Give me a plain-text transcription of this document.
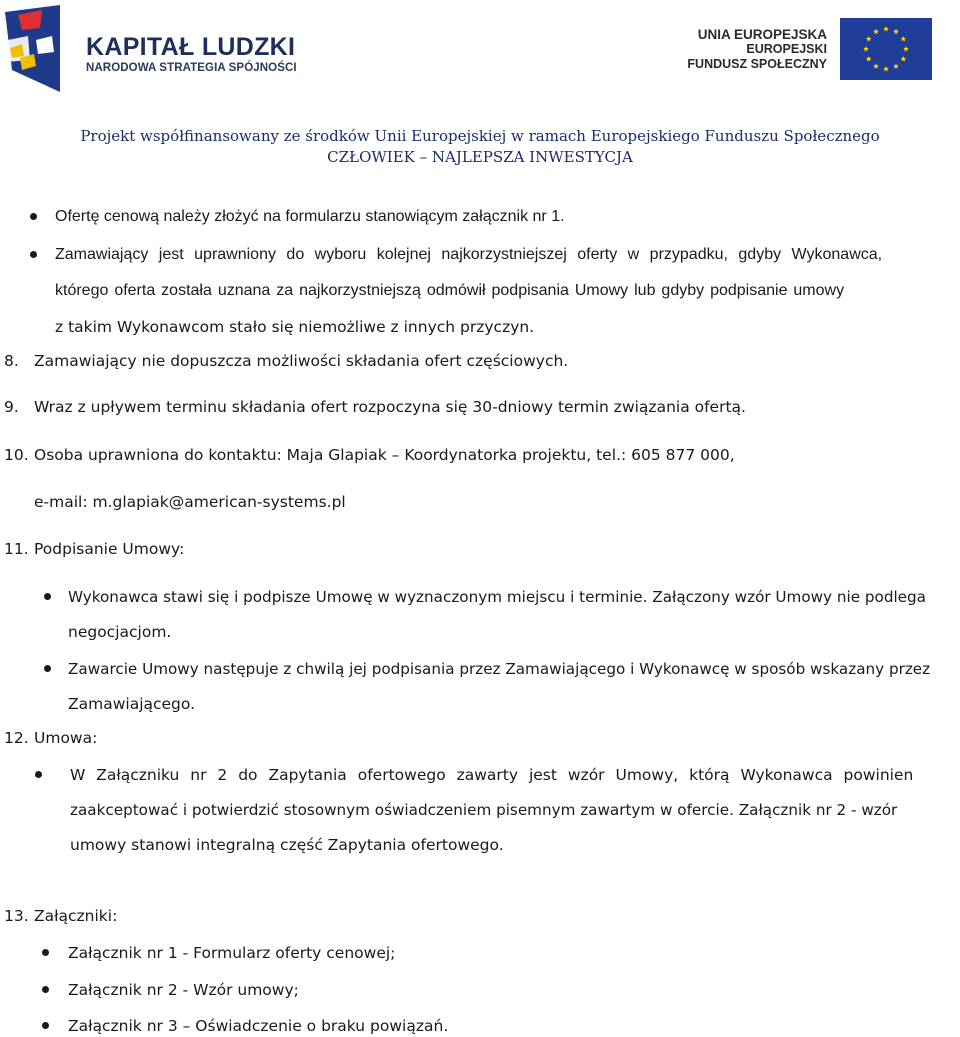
KAPITAŁ LUDZKI
NARODOWA STRATEGIA SPÓJNOŚCI
UNIA EUROPEJSKA
EUROPEJSKI
FUNDUSZ SPOŁECZNY
Projekt współfinansowany ze środków Unii Europejskiej w ramach Europejskiego Funduszu Społecznego
CZŁOWIEK – NAJLEPSZA INWESTYCJA
Ofertę cenową należy złożyć na formularzu stanowiącym załącznik nr 1.
Zamawiający jest uprawniony do wyboru kolejnej najkorzystniejszej oferty w przypadku, gdyby Wykonawca,
którego oferta została uznana za najkorzystniejszą odmówił podpisania Umowy lub gdyby podpisanie umowy
z takim Wykonawcom stało się niemożliwe z innych przyczyn.
8. Zamawiający nie dopuszcza możliwości składania ofert częściowych.
9. Wraz z upływem terminu składania ofert rozpoczyna się 30-dniowy termin związania ofertą.
10. Osoba uprawniona do kontaktu: Maja Glapiak – Koordynatorka projektu, tel.: 605 877 000,
e-mail: m.glapiak@american-systems.pl
11. Podpisanie Umowy:
Wykonawca stawi się i podpisze Umowę w wyznaczonym miejscu i terminie. Załączony wzór Umowy nie podlega
negocjacjom.
Zawarcie Umowy następuje z chwilą jej podpisania przez Zamawiającego i Wykonawcę w sposób wskazany przez
Zamawiającego.
12. Umowa:
W Załączniku nr 2 do Zapytania ofertowego zawarty jest wzór Umowy, którą Wykonawca powinien
zaakceptować i potwierdzić stosownym oświadczeniem pisemnym zawartym w ofercie. Załącznik nr 2 - wzór
umowy stanowi integralną część Zapytania ofertowego.
13. Załączniki:
Załącznik nr 1 - Formularz oferty cenowej;
Załącznik nr 2 - Wzór umowy;
Załącznik nr 3 – Oświadczenie o braku powiązań.
